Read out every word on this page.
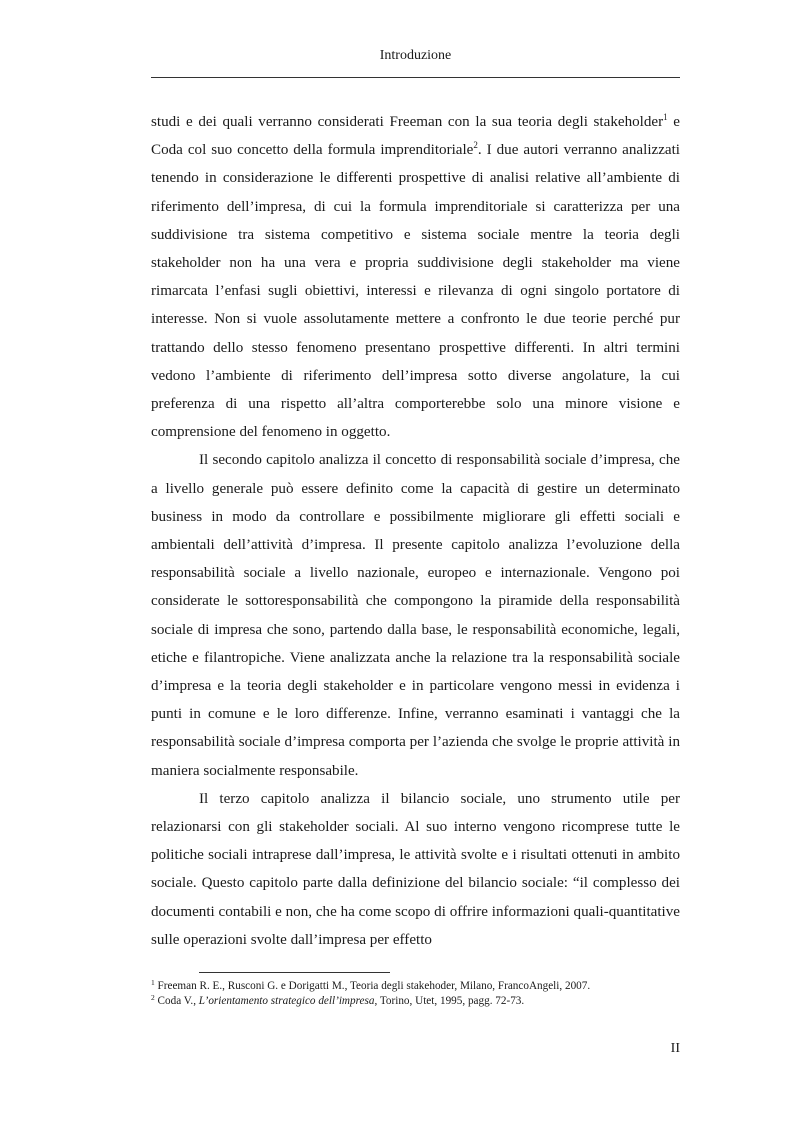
Introduzione

studi e dei quali verranno considerati Freeman con la sua teoria degli stakeholder$^1$ e Coda col suo concetto della formula imprenditoriale$^2$. I due autori verranno analizzati tenendo in considerazione le differenti prospettive di analisi relative all’ambiente di riferimento dell’impresa, di cui la formula imprenditoriale si caratterizza per una suddivisione tra sistema competitivo e sistema sociale mentre la teoria degli stakeholder non ha una vera e propria suddivisione degli stakeholder ma viene rimarcata l’enfasi sugli obiettivi, interessi e rilevanza di ogni singolo portatore di interesse. Non si vuole assolutamente mettere a confronto le due teorie perché pur trattando dello stesso fenomeno presentano prospettive differenti. In altri termini vedono l’ambiente di riferimento dell’impresa sotto diverse angolature, la cui preferenza di una rispetto all’altra comporterebbe solo una minore visione e comprensione del fenomeno in oggetto.

Il secondo capitolo analizza il concetto di responsabilità sociale d’impresa, che a livello generale può essere definito come la capacità di gestire un determinato business in modo da controllare e possibilmente migliorare gli effetti sociali e ambientali dell’attività d’impresa. Il presente capitolo analizza l’evoluzione della responsabilità sociale a livello nazionale, europeo e internazionale. Vengono poi considerate le sottoresponsabilità che compongono la piramide della responsabilità sociale di impresa che sono, partendo dalla base, le responsabilità economiche, legali, etiche e filantropiche. Viene analizzata anche la relazione tra la responsabilità sociale d’impresa e la teoria degli stakeholder e in particolare vengono messi in evidenza i punti in comune e le loro differenze. Infine, verranno esaminati i vantaggi che la responsabilità sociale d’impresa comporta per l’azienda che svolge le proprie attività in maniera socialmente responsabile.

Il terzo capitolo analizza il bilancio sociale, uno strumento utile per relazionarsi con gli stakeholder sociali. Al suo interno vengono ricomprese tutte le politiche sociali intraprese dall’impresa, le attività svolte e i risultati ottenuti in ambito sociale. Questo capitolo parte dalla definizione del bilancio sociale: “il complesso dei documenti contabili e non, che ha come scopo di offrire informazioni quali-quantitative sulle operazioni svolte dall’impresa per effetto

$^1$ Freeman R. E., Rusconi G. e Dorigatti M., Teoria degli stakehoder, Milano, FrancoAngeli, 2007.

$^2$ Coda V., L’orientamento strategico dell’impresa, Torino, Utet, 1995, pagg. 72-73.

II
